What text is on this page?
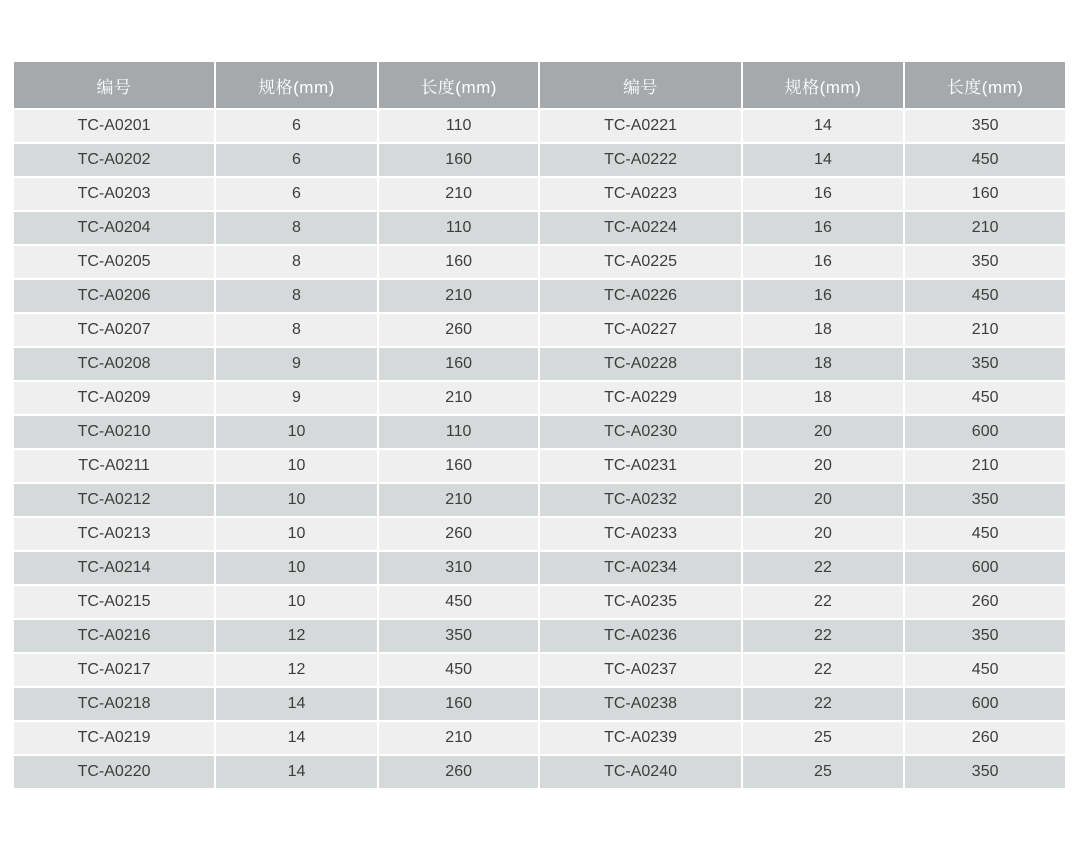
编号	规格(mm)	长度(mm)	编号	规格(mm)	长度(mm)
TC-A0201	6	110	TC-A0221	14	350
TC-A0202	6	160	TC-A0222	14	450
TC-A0203	6	210	TC-A0223	16	160
TC-A0204	8	110	TC-A0224	16	210
TC-A0205	8	160	TC-A0225	16	350
TC-A0206	8	210	TC-A0226	16	450
TC-A0207	8	260	TC-A0227	18	210
TC-A0208	9	160	TC-A0228	18	350
TC-A0209	9	210	TC-A0229	18	450
TC-A0210	10	110	TC-A0230	20	600
TC-A0211	10	160	TC-A0231	20	210
TC-A0212	10	210	TC-A0232	20	350
TC-A0213	10	260	TC-A0233	20	450
TC-A0214	10	310	TC-A0234	22	600
TC-A0215	10	450	TC-A0235	22	260
TC-A0216	12	350	TC-A0236	22	350
TC-A0217	12	450	TC-A0237	22	450
TC-A0218	14	160	TC-A0238	22	600
TC-A0219	14	210	TC-A0239	25	260
TC-A0220	14	260	TC-A0240	25	350
